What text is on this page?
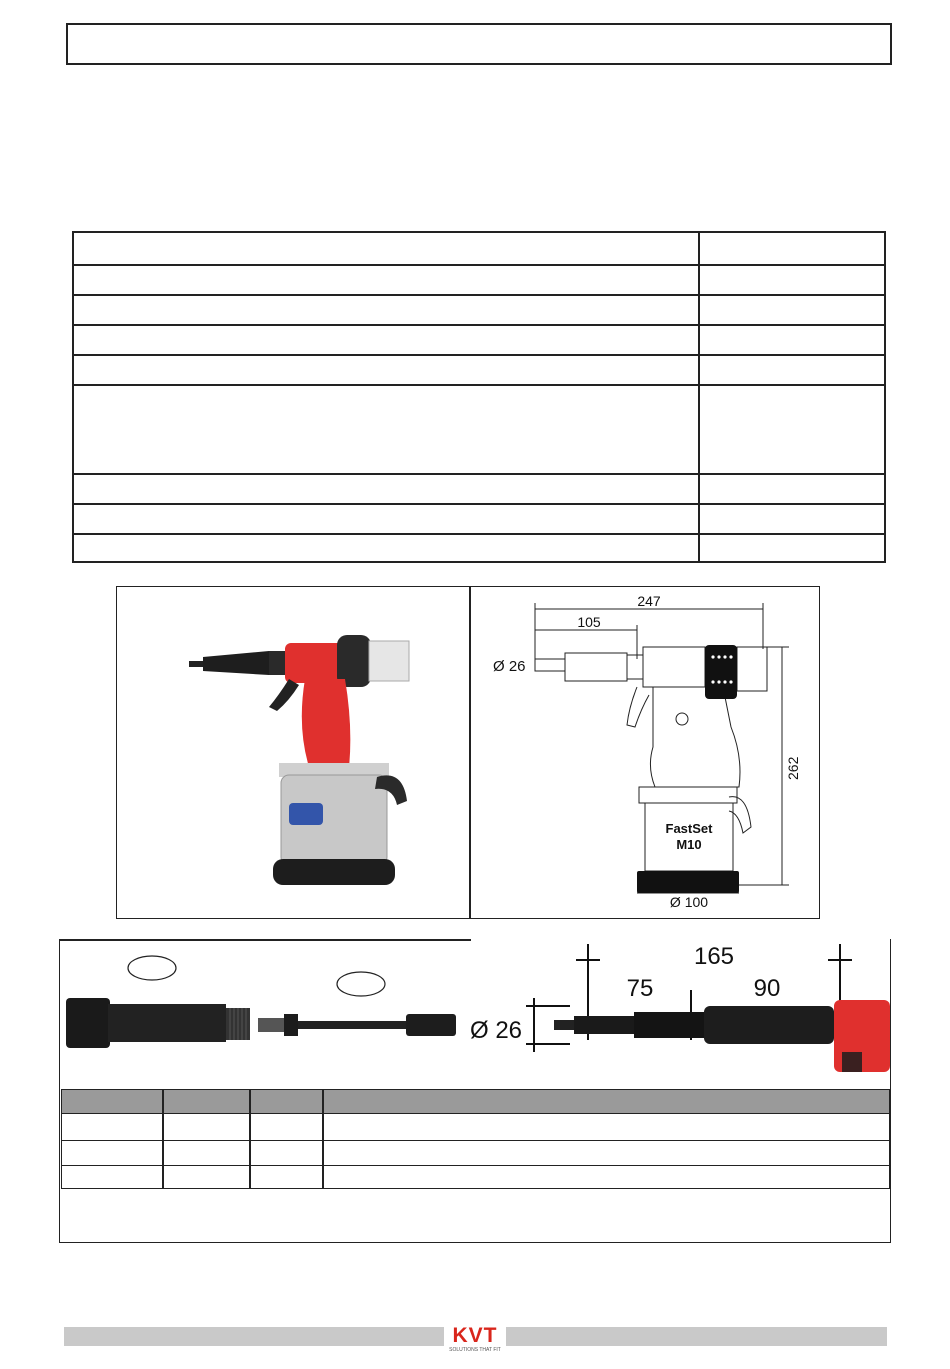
247
105
Ø 26
262
FastSet
M10
Ø 100
165
75	90
Ø 26
KVT
SOLUTIONS THAT FIT
